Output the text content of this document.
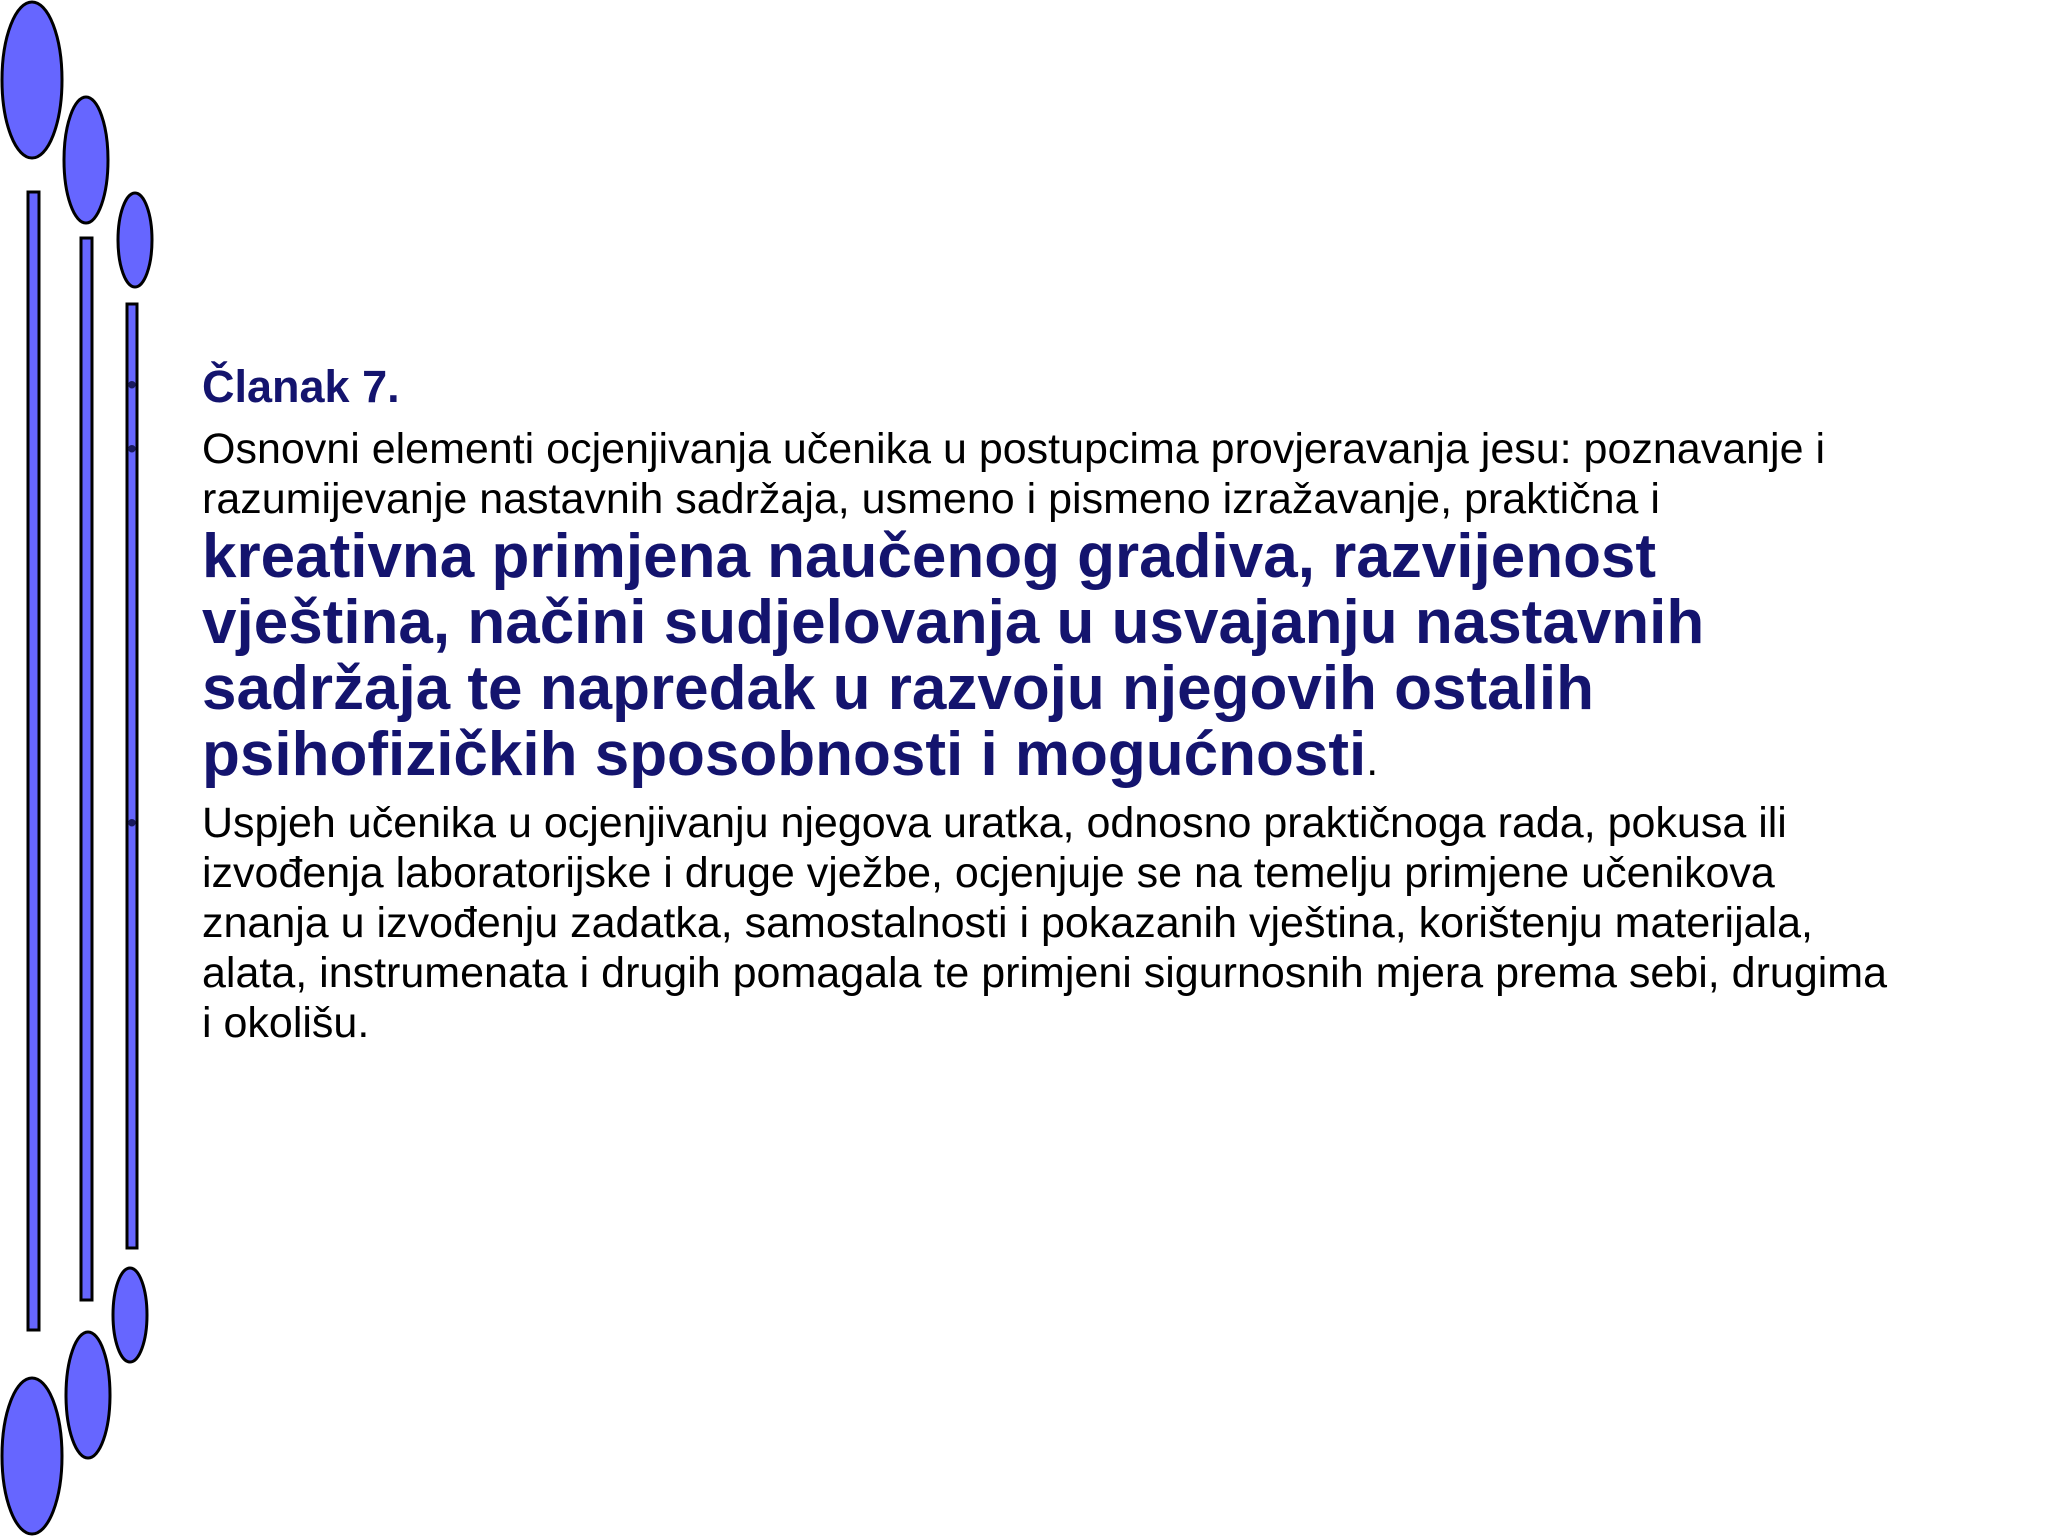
• Članak 7.
• Osnovni elementi ocjenjivanja učenika u postupcima provjeravanja jesu: poznavanje i razumijevanje nastavnih sadržaja, usmeno i pismeno izražavanje, praktična i kreativna primjena naučenog gradiva, razvijenost vještina, načini sudjelovanja u usvajanju nastavnih sadržaja te napredak u razvoju njegovih ostalih psihofizičkih sposobnosti i mogućnosti.
• Uspjeh učenika u ocjenjivanju njegova uratka, odnosno praktičnoga rada, pokusa ili izvođenja laboratorijske i druge vježbe, ocjenjuje se na temelju primjene učenikova znanja u izvođenju zadatka, samostalnosti i pokazanih vještina, korištenju materijala, alata, instrumenata i drugih pomagala te primjeni sigurnosnih mjera prema sebi, drugima i okolišu.
